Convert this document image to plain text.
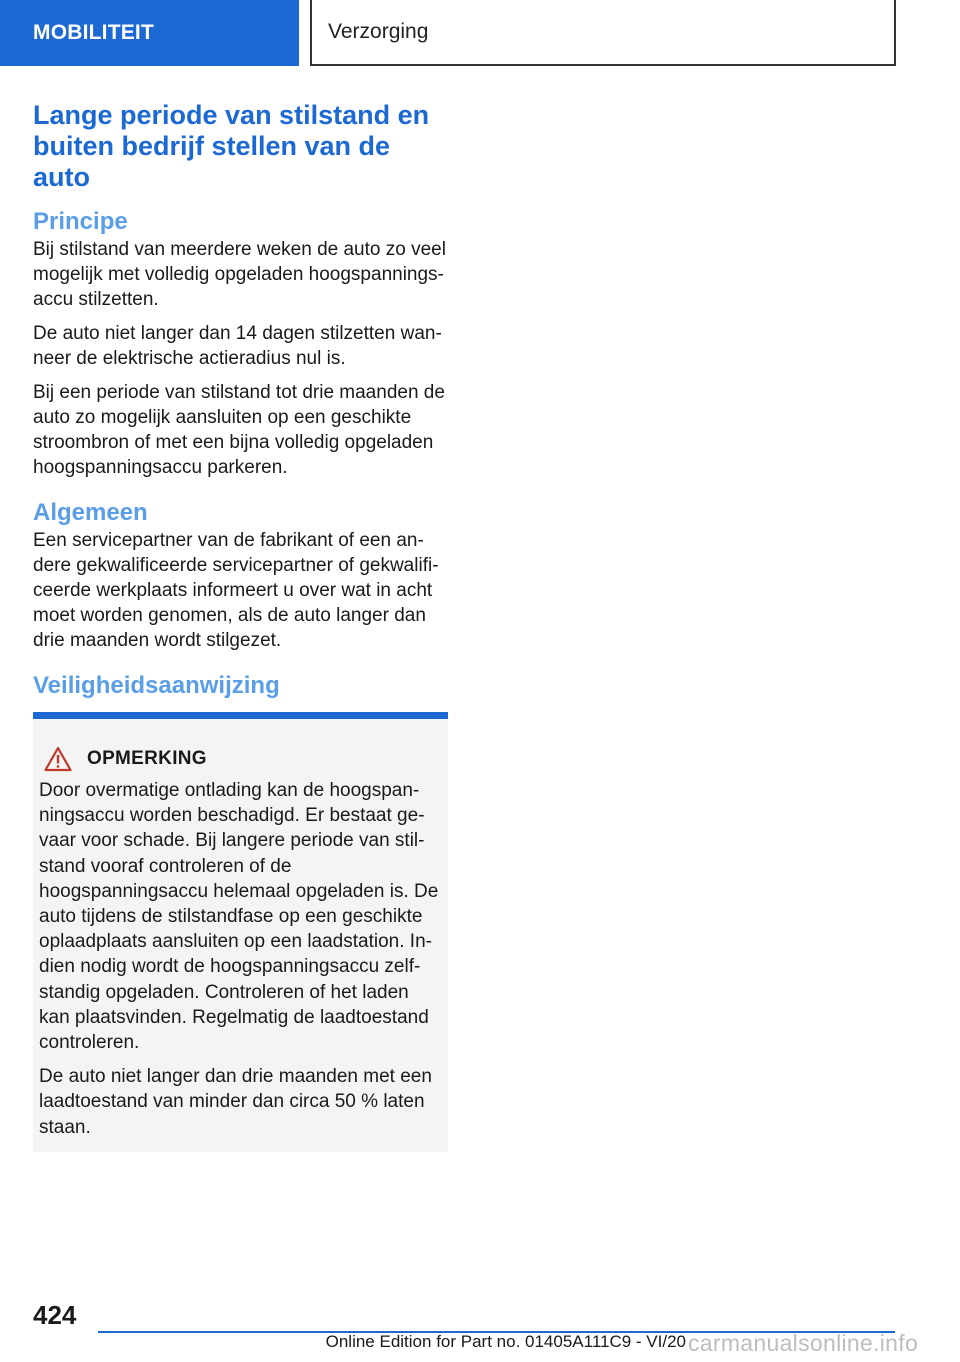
MOBILITEIT	Verzorging
Lange periode van stilstand en
buiten bedrijf stellen van de auto
Principe

Bij stilstand van meerdere weken de auto zo veel
mogelijk met volledig opgeladen hoogspannings-
accu stilzetten.

De auto niet langer dan 14 dagen stilzetten wan-
neer de elektrische actieradius nul is.

Bij een periode van stilstand tot drie maanden de
auto zo mogelijk aansluiten op een geschikte
stroombron of met een bijna volledig opgeladen
hoogspanningsaccu parkeren.

Algemeen

Een servicepartner van de fabrikant of een an-
dere gekwalificeerde servicepartner of gekwalifi-
ceerde werkplaats informeert u over wat in acht
moet worden genomen, als de auto langer dan
drie maanden wordt stilgezet.

Veiligheidsaanwijzing
OPMERKING

Door overmatige ontlading kan de hoogspan-
ningsaccu worden beschadigd. Er bestaat ge-
vaar voor schade. Bij langere periode van stil-
stand vooraf controleren of de
hoogspanningsaccu helemaal opgeladen is. De
auto tijdens de stilstandfase op een geschikte
oplaadplaats aansluiten op een laadstation. In-
dien nodig wordt de hoogspanningsaccu zelf-
standig opgeladen. Controleren of het laden
kan plaatsvinden. Regelmatig de laadtoestand
controleren.

De auto niet langer dan drie maanden met een
laadtoestand van minder dan circa 50 % laten
staan.

424
Online Edition for Part no. 01405A111C9 - VI/20 carmanualsonline.info
